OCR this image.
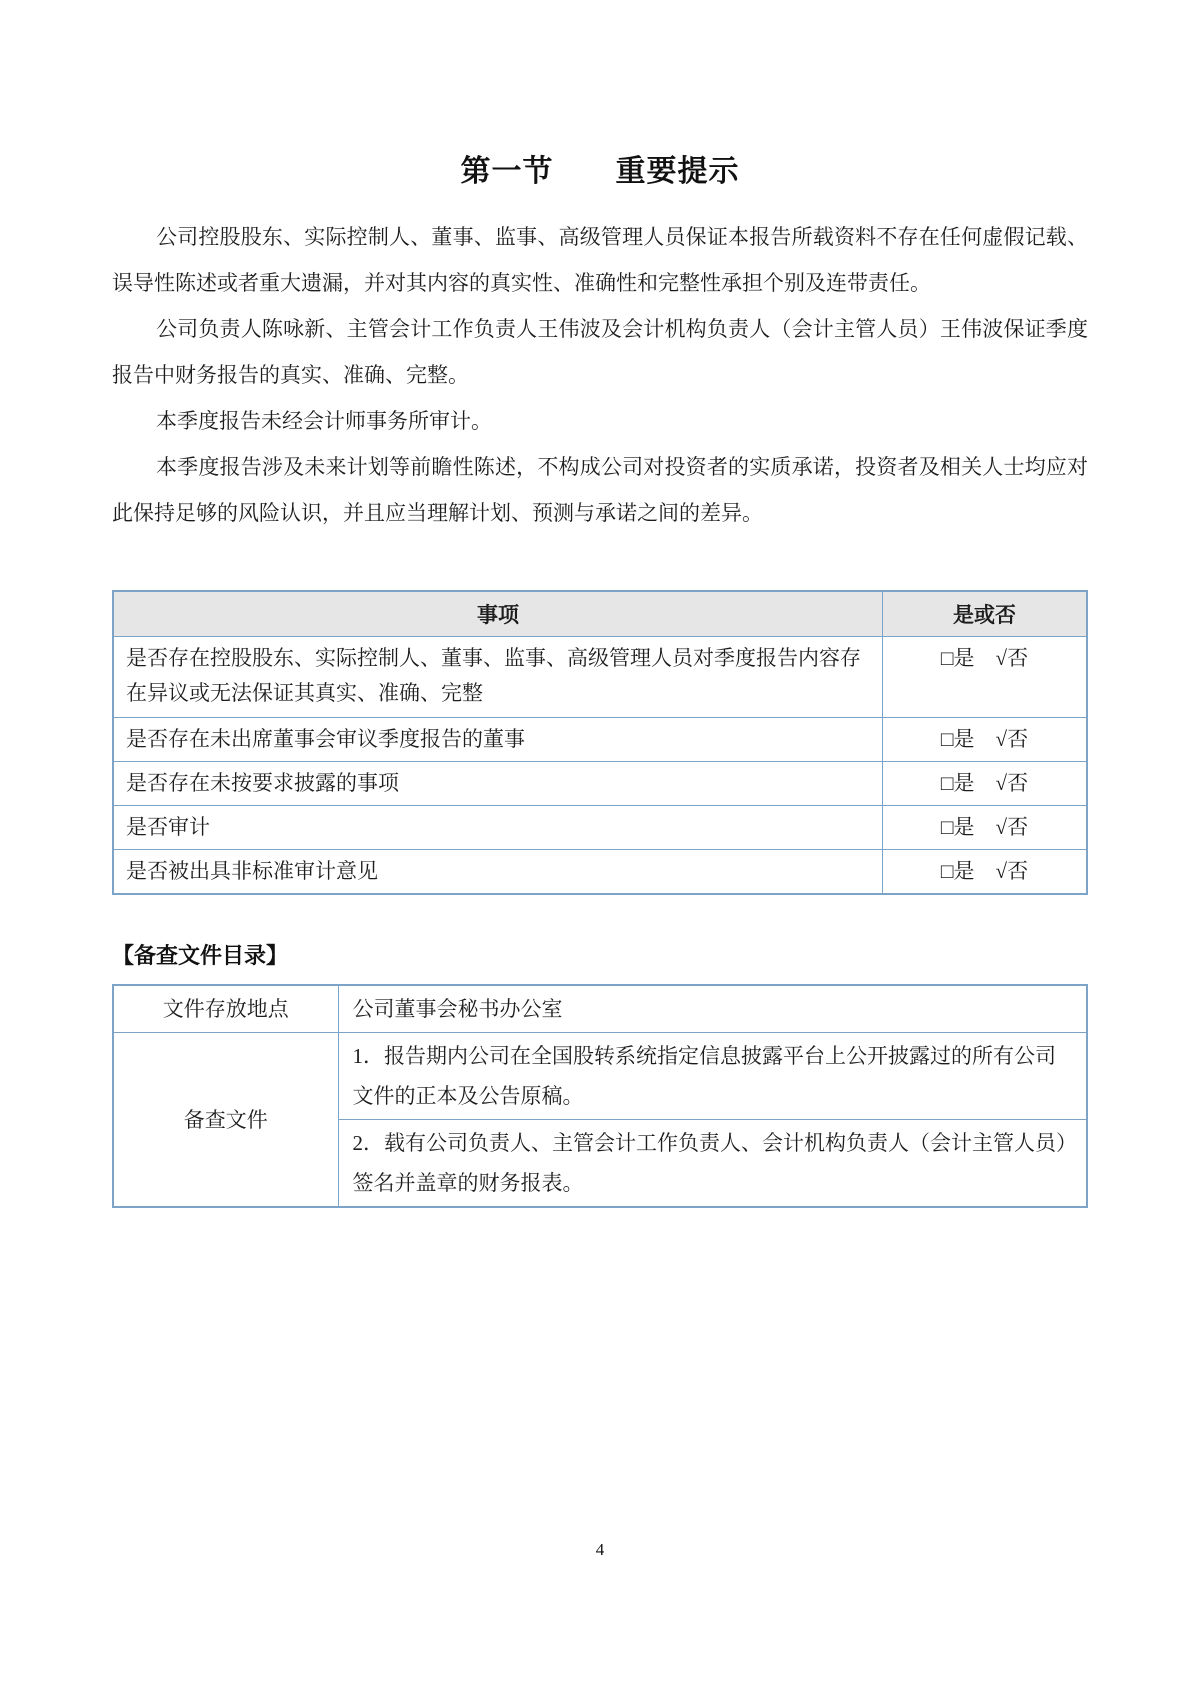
第一节　　重要提示

公司控股股东、实际控制人、董事、监事、高级管理人员保证本报告所载资料不存在任何虚假记载、误导性陈述或者重大遗漏，并对其内容的真实性、准确性和完整性承担个别及连带责任。

公司负责人陈咏新、主管会计工作负责人王伟波及会计机构负责人（会计主管人员）王伟波保证季度报告中财务报告的真实、准确、完整。

本季度报告未经会计师事务所审计。

本季度报告涉及未来计划等前瞻性陈述，不构成公司对投资者的实质承诺，投资者及相关人士均应对此保持足够的风险认识，并且应当理解计划、预测与承诺之间的差异。

事项	是或否
是否存在控股股东、实际控制人、董事、监事、高级管理人员对季度报告内容存在异议或无法保证其真实、准确、完整	□是　√否
是否存在未出席董事会审议季度报告的董事	□是　√否
是否存在未按要求披露的事项	□是　√否
是否审计	□是　√否
是否被出具非标准审计意见	□是　√否
【备查文件目录】
文件存放地点	公司董事会秘书办公室
备查文件	1．报告期内公司在全国股转系统指定信息披露平台上公开披露过的所有公司文件的正本及公告原稿。
	2．载有公司负责人、主管会计工作负责人、会计机构负责人（会计主管人员）签名并盖章的财务报表。
4
